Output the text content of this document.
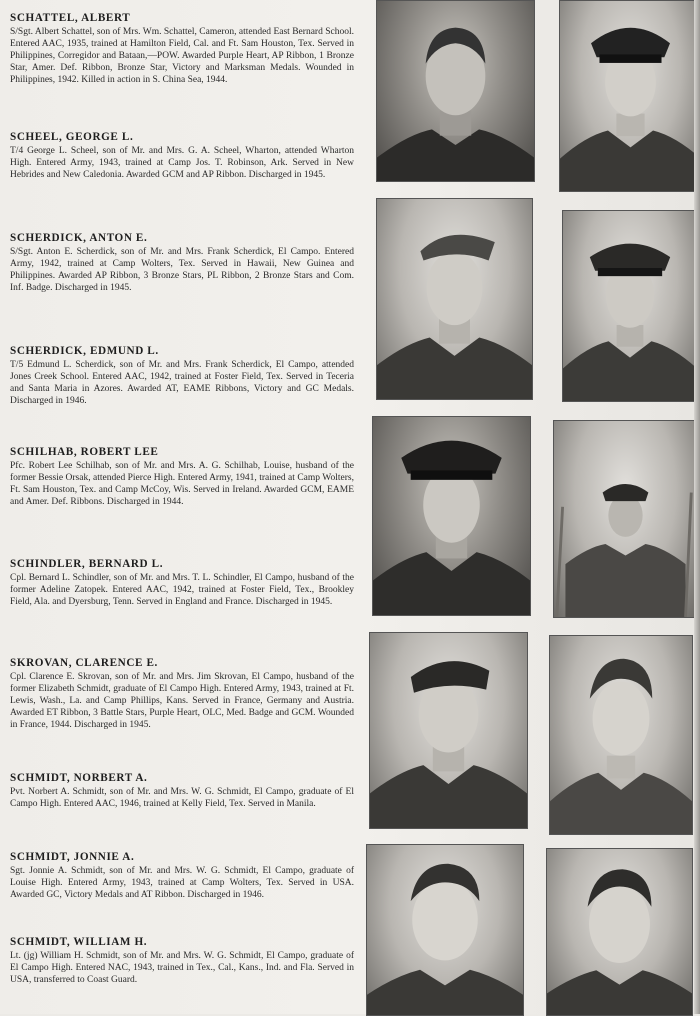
SCHATTEL, ALBERT

S/Sgt. Albert Schattel, son of Mrs. Wm. Schattel, Cameron, attended East Bernard School. Entered AAC, 1935, trained at Hamilton Field, Cal. and Ft. Sam Houston, Tex. Served in Philippines, Corregidor and Bataan,—POW. Awarded Purple Heart, AP Ribbon, 1 Bronze Star, Amer. Def. Ribbon, Bronze Star, Victory and Marksman Medals. Wounded in Philippines, 1942. Killed in action in S. China Sea, 1944.

SCHEEL, GEORGE L.

T/4 George L. Scheel, son of Mr. and Mrs. G. A. Scheel, Wharton, attended Wharton High. Entered Army, 1943, trained at Camp Jos. T. Robinson, Ark. Served in New Hebrides and New Caledonia. Awarded GCM and AP Ribbon. Discharged in 1945.

SCHERDICK, ANTON E.

S/Sgt. Anton E. Scherdick, son of Mr. and Mrs. Frank Scherdick, El Campo. Entered Army, 1942, trained at Camp Wolters, Tex. Served in Hawaii, New Guinea and Philippines. Awarded AP Ribbon, 3 Bronze Stars, PL Ribbon, 2 Bronze Stars and Com. Inf. Badge. Discharged in 1945.

SCHERDICK, EDMUND L.

T/5 Edmund L. Scherdick, son of Mr. and Mrs. Frank Scherdick, El Campo, attended Jones Creek School. Entered AAC, 1942, trained at Foster Field, Tex. Served in Teceria and Santa Maria in Azores. Awarded AT, EAME Ribbons, Victory and GC Medals. Discharged in 1946.

SCHILHAB, ROBERT LEE

Pfc. Robert Lee Schilhab, son of Mr. and Mrs. A. G. Schilhab, Louise, husband of the former Bessie Orsak, attended Pierce High. Entered Army, 1941, trained at Camp Wolters, Ft. Sam Houston, Tex. and Camp McCoy, Wis. Served in Ireland. Awarded GCM, EAME and Amer. Def. Ribbons. Discharged in 1944.

SCHINDLER, BERNARD L.

Cpl. Bernard L. Schindler, son of Mr. and Mrs. T. L. Schindler, El Campo, husband of the former Adeline Zatopek. Entered AAC, 1942, trained at Foster Field, Tex., Brookley Field, Ala. and Dyersburg, Tenn. Served in England and France. Discharged in 1945.

SKROVAN, CLARENCE E.

Cpl. Clarence E. Skrovan, son of Mr. and Mrs. Jim Skrovan, El Campo, husband of the former Elizabeth Schmidt, graduate of El Campo High. Entered Army, 1943, trained at Ft. Lewis, Wash., La. and Camp Phillips, Kans. Served in France, Germany and Austria. Awarded ET Ribbon, 3 Battle Stars, Purple Heart, OLC, Med. Badge and GCM. Wounded in France, 1944. Discharged in 1945.

SCHMIDT, NORBERT A.

Pvt. Norbert A. Schmidt, son of Mr. and Mrs. W. G. Schmidt, El Campo, graduate of El Campo High. Entered AAC, 1946, trained at Kelly Field, Tex. Served in Manila.

SCHMIDT, JONNIE A.

Sgt. Jonnie A. Schmidt, son of Mr. and Mrs. W. G. Schmidt, El Campo, graduate of Louise High. Entered Army, 1943, trained at Camp Wolters, Tex. Served in USA. Awarded GC, Victory Medals and AT Ribbon. Discharged in 1946.

SCHMIDT, WILLIAM H.

Lt. (jg) William H. Schmidt, son of Mr. and Mrs. W. G. Schmidt, El Campo, graduate of El Campo High. Entered NAC, 1943, trained in Tex., Cal., Kans., Ind. and Fla. Served in USA, transferred to Coast Guard.
